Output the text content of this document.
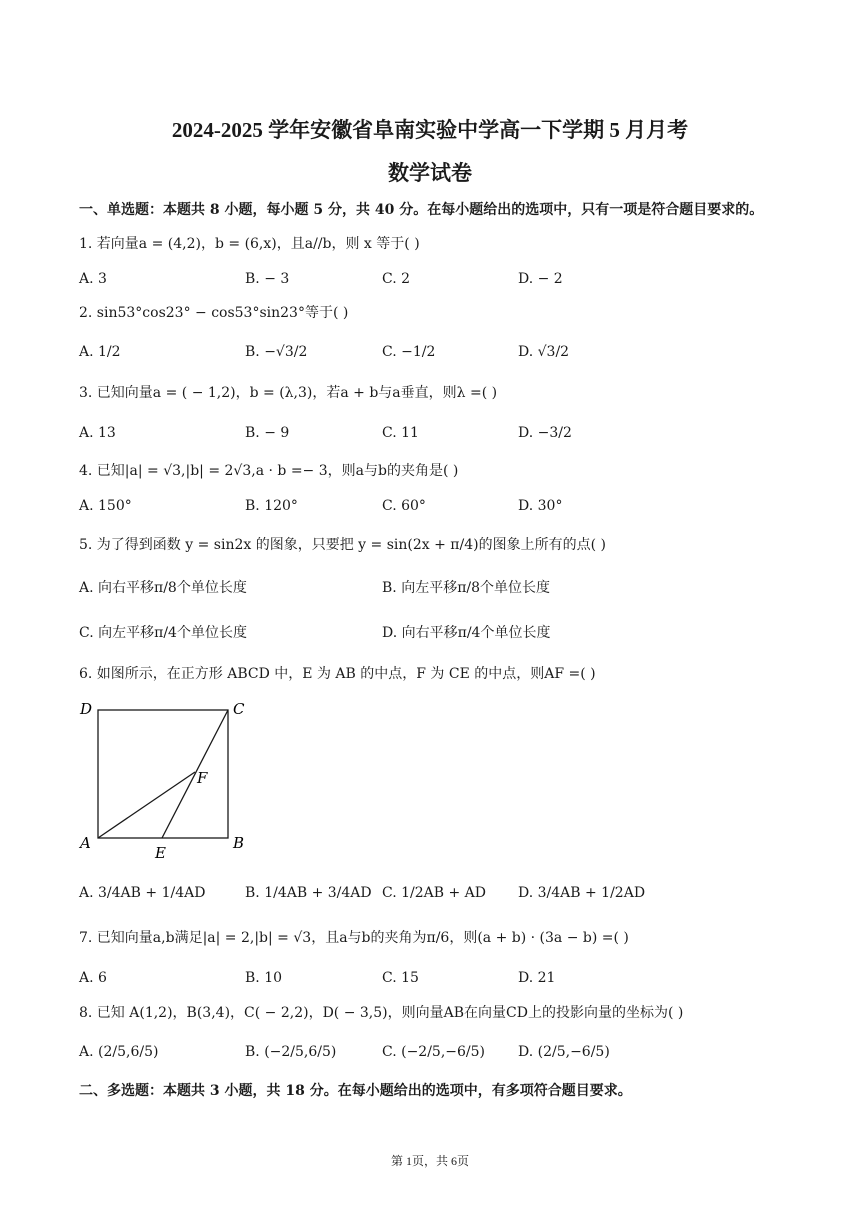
2024-2025 学年安徽省阜南实验中学高一下学期 5 月月考
数学试卷
一、单选题：本题共 8 小题，每小题 5 分，共 40 分。在每小题给出的选项中，只有一项是符合题目要求的。
1. 若向量a = (4,2)，b = (6,x)，且a//b，则 x 等于( )
A. 3	B. − 3	C. 2	D. − 2
2. sin53°cos23° − cos53°sin23°等于( )
A. 1/2	B. −√3/2	C. −1/2	D. √3/2
3. 已知向量a = ( − 1,2)，b = (λ,3)，若a + b与a垂直，则λ =( )
A. 13	B. − 9	C. 11	D. −3/2
4. 已知|a| = √3,|b| = 2√3,a · b =− 3，则a与b的夹角是( )
A. 150°	B. 120°	C. 60°	D. 30°
5. 为了得到函数 y = sin2x 的图象，只要把 y = sin(2x + π/4)的图象上所有的点( )
A. 向右平移π/8个单位长度	B. 向左平移π/8个单位长度
C. 向左平移π/4个单位长度	D. 向右平移π/4个单位长度
6. 如图所示，在正方形 ABCD 中，E 为 AB 的中点，F 为 CE 的中点，则AF =( )
D	C
A	B
E
F
A. 3/4AB + 1/4AD	B. 1/4AB + 3/4AD C. 1/2AB + AD D. 3/4AB + 1/2AD
7. 已知向量a,b满足|a| = 2,|b| = √3，且a与b的夹角为π/6，则(a + b) · (3a − b) =( )
A. 6	B. 10	C. 15	D. 21
8. 已知 A(1,2)，B(3,4)，C( − 2,2)，D( − 3,5)，则向量AB在向量CD上的投影向量的坐标为( )
A. (2/5,6/5)	B. (−2/5,6/5)	C. (−2/5,−6/5) D. (2/5,−6/5)
二、多选题：本题共 3 小题，共 18 分。在每小题给出的选项中，有多项符合题目要求。
第 1页，共 6页
